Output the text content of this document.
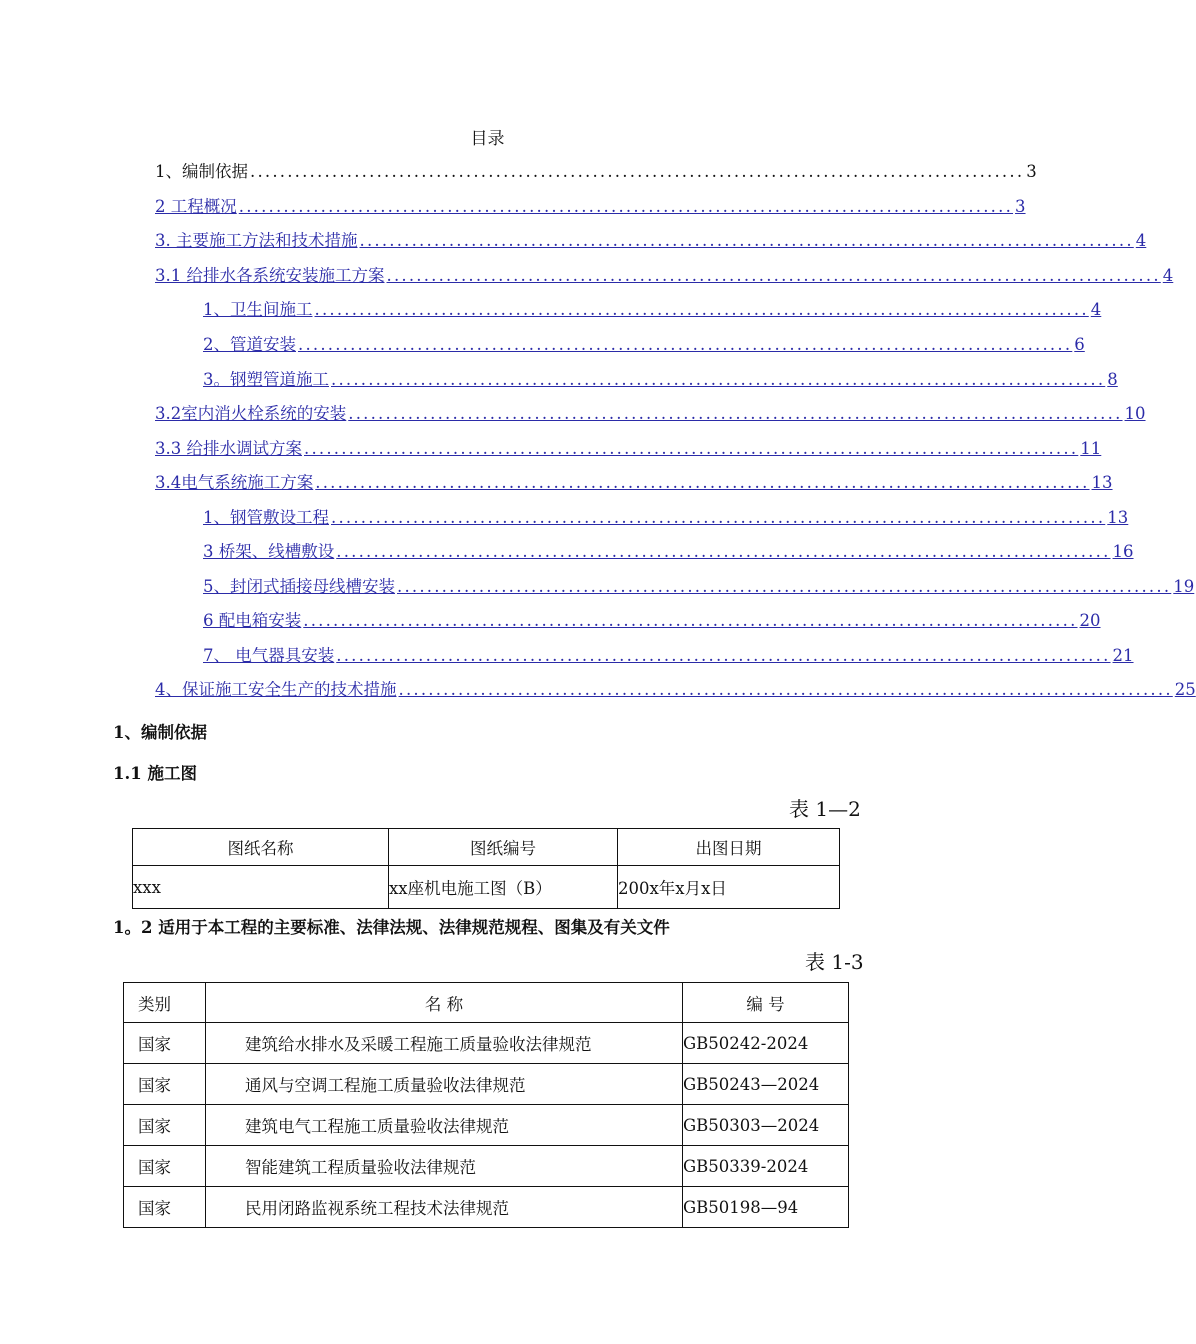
目录
1、编制依据 ........................................................................................................ 3
2 工程概况 ........................................................................................................ 3
3. 主要施工方法和技术措施 ........................................................................................................ 4
3.1 给排水各系统安装施工方案 ........................................................................................................ 4
1、卫生间施工 ........................................................................................................ 4
2、管道安装 ........................................................................................................ 6
3。钢塑管道施工 ........................................................................................................ 8
3.2室内消火栓系统的安装 ........................................................................................................ 10
3.3 给排水调试方案 ........................................................................................................ 11
3.4电气系统施工方案 ........................................................................................................ 13
1、钢管敷设工程 ........................................................................................................ 13
3 桥架、线槽敷设 ........................................................................................................ 16
5、封闭式插接母线槽安装 ........................................................................................................ 19
6 配电箱安装 ........................................................................................................ 20
7、 电气器具安装 ........................................................................................................ 21
4、保证施工安全生产的技术措施 ........................................................................................................ 25
1、编制依据
1.1 施工图
表 1—2
图纸名称	图纸编号	出图日期
xxx	xx座机电施工图（B）	200x年x月x日
1。2 适用于本工程的主要标准、法律法规、法律规范规程、图集及有关文件
表 1-3
类别	名 称	编 号
国家	建筑给水排水及采暖工程施工质量验收法律规范	GB50242-2024
国家	通风与空调工程施工质量验收法律规范	GB50243—2024
国家	建筑电气工程施工质量验收法律规范	GB50303—2024
国家	智能建筑工程质量验收法律规范	GB50339-2024
国家	民用闭路监视系统工程技术法律规范	GB50198—94
